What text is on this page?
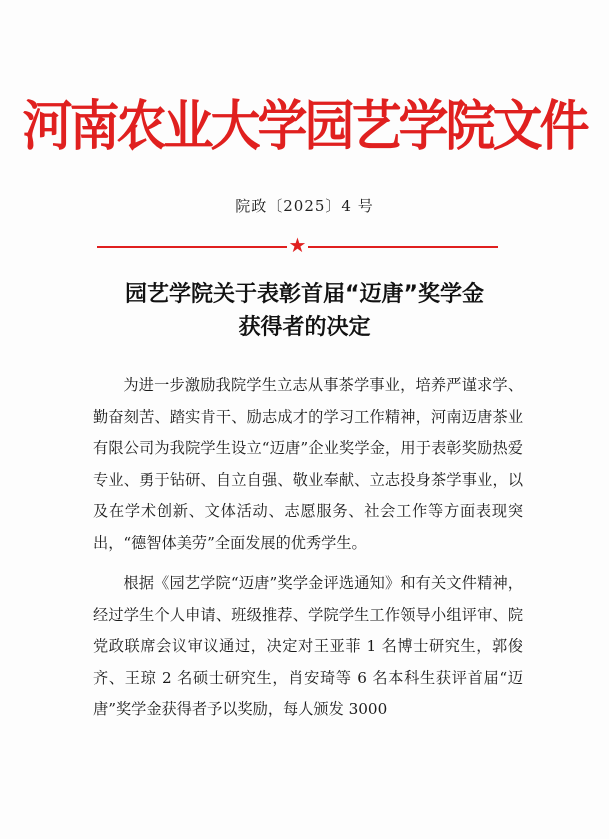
河南农业大学园艺学院文件
院政〔2025〕4 号
★
园艺学院关于表彰首届“迈唐”奖学金
获得者的决定

为进一步激励我院学生立志从事茶学事业，培养严谨求学、勤奋刻苦、踏实肯干、励志成才的学习工作精神，河南迈唐茶业有限公司为我院学生设立“迈唐”企业奖学金，用于表彰奖励热爱专业、勇于钻研、自立自强、敬业奉献、立志投身茶学事业，以及在学术创新、文体活动、志愿服务、社会工作等方面表现突出，“德智体美劳”全面发展的优秀学生。

根据《园艺学院“迈唐”奖学金评选通知》和有关文件精神，经过学生个人申请、班级推荐、学院学生工作领导小组评审、院党政联席会议审议通过，决定对王亚菲 1 名博士研究生，郭俊齐、王琼 2 名硕士研究生，肖安琦等 6 名本科生获评首届“迈唐”奖学金获得者予以奖励，每人颁发 3000
